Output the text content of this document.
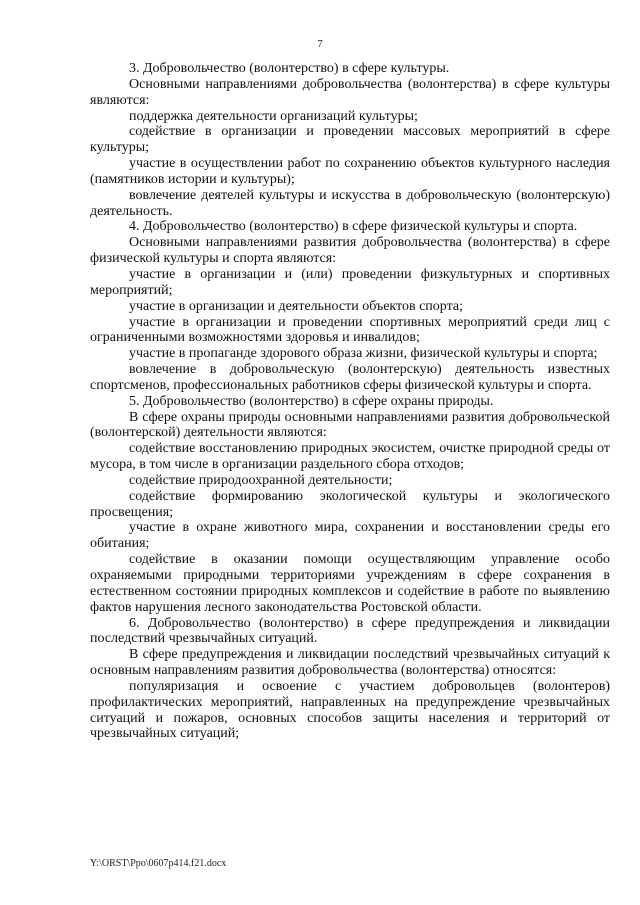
7

3. Добровольчество (волонтерство) в сфере культуры.

Основными направлениями добровольчества (волонтерства) в сфере культуры являются:

поддержка деятельности организаций культуры;

содействие в организации и проведении массовых мероприятий в сфере культуры;

участие в осуществлении работ по сохранению объектов культурного наследия (памятников истории и культуры);

вовлечение деятелей культуры и искусства в добровольческую (волонтерскую) деятельность.

4. Добровольчество (волонтерство) в сфере физической культуры и спорта.

Основными направлениями развития добровольчества (волонтерства) в сфере физической культуры и спорта являются:

участие в организации и (или) проведении физкультурных и спортивных мероприятий;

участие в организации и деятельности объектов спорта;

участие в организации и проведении спортивных мероприятий среди лиц с ограниченными возможностями здоровья и инвалидов;

участие в пропаганде здорового образа жизни, физической культуры и спорта;

вовлечение в добровольческую (волонтерскую) деятельность известных спортсменов, профессиональных работников сферы физической культуры и спорта.

5. Добровольчество (волонтерство) в сфере охраны природы.

В сфере охраны природы основными направлениями развития добровольческой (волонтерской) деятельности являются:

содействие восстановлению природных экосистем, очистке природной среды от мусора, в том числе в организации раздельного сбора отходов;

содействие природоохранной деятельности;

содействие формированию экологической культуры и экологического просвещения;

участие в охране животного мира, сохранении и восстановлении среды его обитания;

содействие в оказании помощи осуществляющим управление особо охраняемыми природными территориями учреждениям в сфере сохранения в естественном состоянии природных комплексов и содействие в работе по выявлению фактов нарушения лесного законодательства Ростовской области.

6. Добровольчество (волонтерство) в сфере предупреждения и ликвидации последствий чрезвычайных ситуаций.

В сфере предупреждения и ликвидации последствий чрезвычайных ситуаций к основным направлениям развития добровольчества (волонтерства) относятся:

популяризация и освоение с участием добровольцев (волонтеров) профилактических мероприятий, направленных на предупреждение чрезвычайных ситуаций и пожаров, основных способов защиты населения и территорий от чрезвычайных ситуаций;

Y:\ORST\Ppo\0607p414.f21.docx
